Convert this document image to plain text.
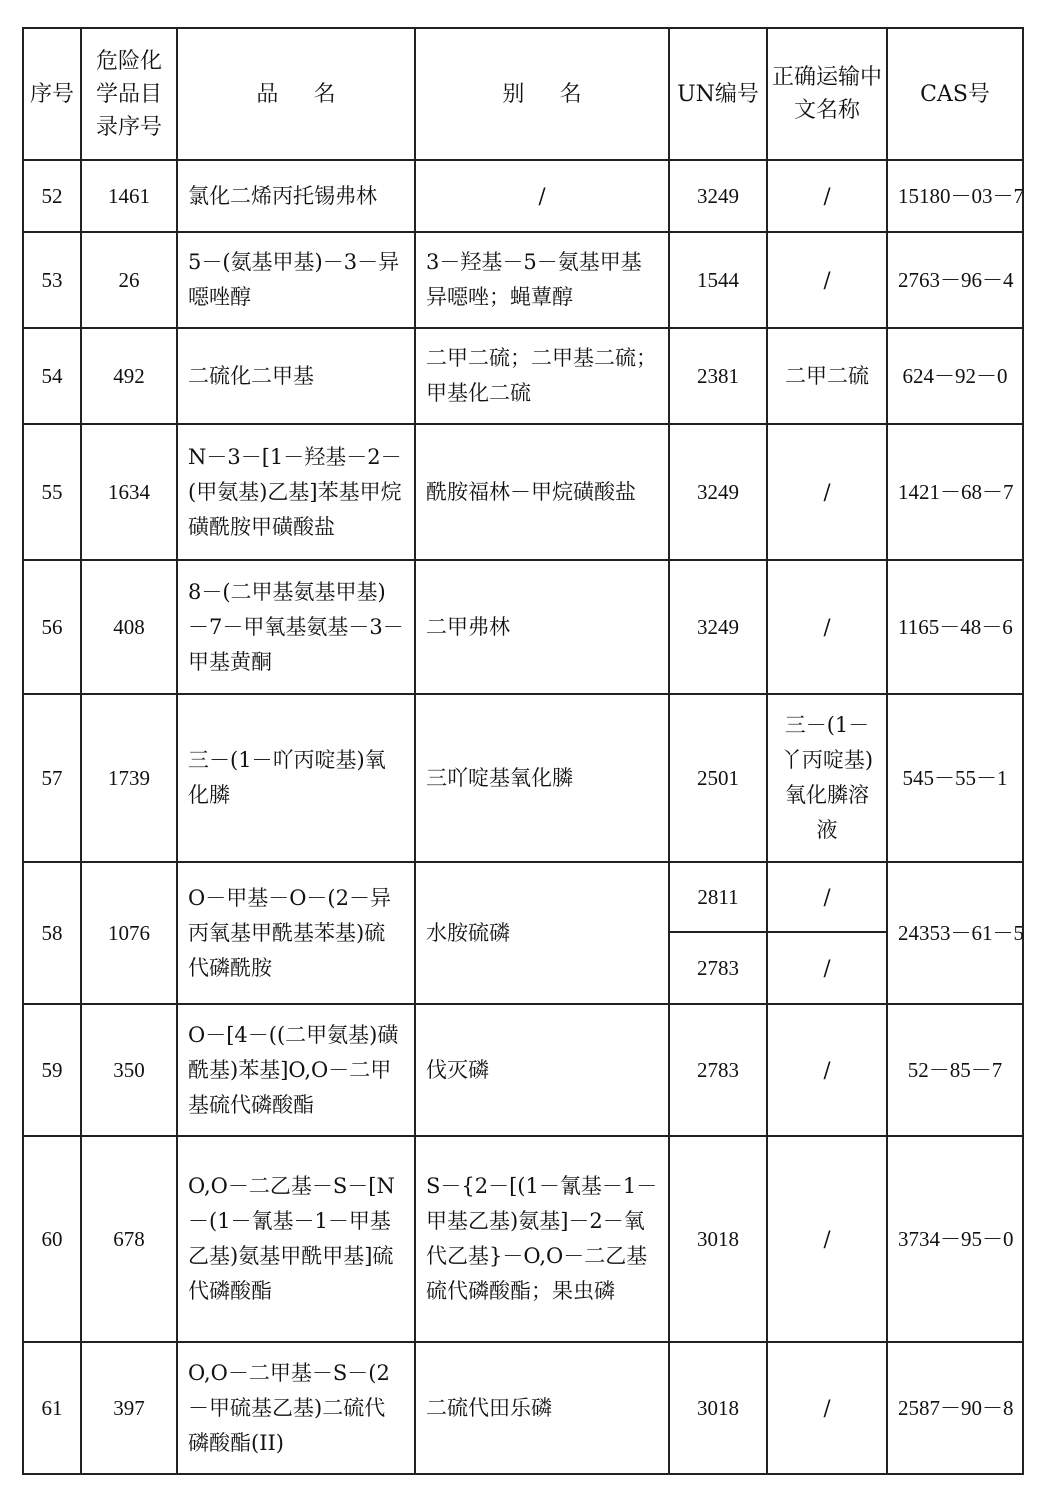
序号	危险化学品目录序号	品名	别名	UN编号	正确运输中文名称	CAS号
52	1461	氯化二烯丙托锡弗林	/	3249	/	15180－03－7
53	26	5－(氨基甲基)－3－异噁唑醇	3－羟基－5－氨基甲基异噁唑；蝇蕈醇	1544	/	2763－96－4
54	492	二硫化二甲基	二甲二硫；二甲基二硫；甲基化二硫	2381	二甲二硫	624－92－0
55	1634	N－3－[1－羟基－2－(甲氨基)乙基]苯基甲烷磺酰胺甲磺酸盐	酰胺福林－甲烷磺酸盐	3249	/	1421－68－7
56	408	8－(二甲基氨基甲基)－7－甲氧基氨基－3－甲基黄酮	二甲弗林	3249	/	1165－48－6
57	1739	三－(1－吖丙啶基)氧化膦	三吖啶基氧化膦	2501	三－(1－丫丙啶基)氧化膦溶液	545－55－1
58	1076	O－甲基－O－(2－异丙氧基甲酰基苯基)硫代磷酰胺	水胺硫磷	2811	/	24353－61－5
				2783	/	
59	350	O－[4－((二甲氨基)磺酰基)苯基]O,O－二甲基硫代磷酸酯	伐灭磷	2783	/	52－85－7
60	678	O,O－二乙基－S－[N－(1－氰基－1－甲基乙基)氨基甲酰甲基]硫代磷酸酯	S－{2－[(1－氰基－1－甲基乙基)氨基]－2－氧代乙基}－O,O－二乙基硫代磷酸酯；果虫磷	3018	/	3734－95－0
61	397	O,O－二甲基－S－(2－甲硫基乙基)二硫代磷酸酯(II)	二硫代田乐磷	3018	/	2587－90－8
